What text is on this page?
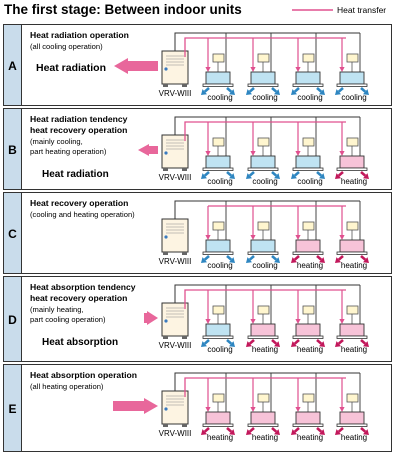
The first stage: Between indoor units	Heat transfer
A
Heat radiation operation
(all cooling operation)
Heat radiation
VRV-WIII cooling cooling cooling cooling
B
Heat radiation tendency
heat recovery operation
(mainly cooling,
part heating operation)
Heat radiation	VRV-WIII cooling cooling cooling heating
C
Heat recovery operation
(cooling and heating operation)
VRV-WIII cooling cooling heating heating
D
Heat absorption tendency
heat recovery operation
(mainly heating,
part cooling operation)
Heat absorption	VRV-WIII cooling heating heating heating
E
Heat absorption operation
(all heating operation)
VRV-WIII heating heating heating heating
